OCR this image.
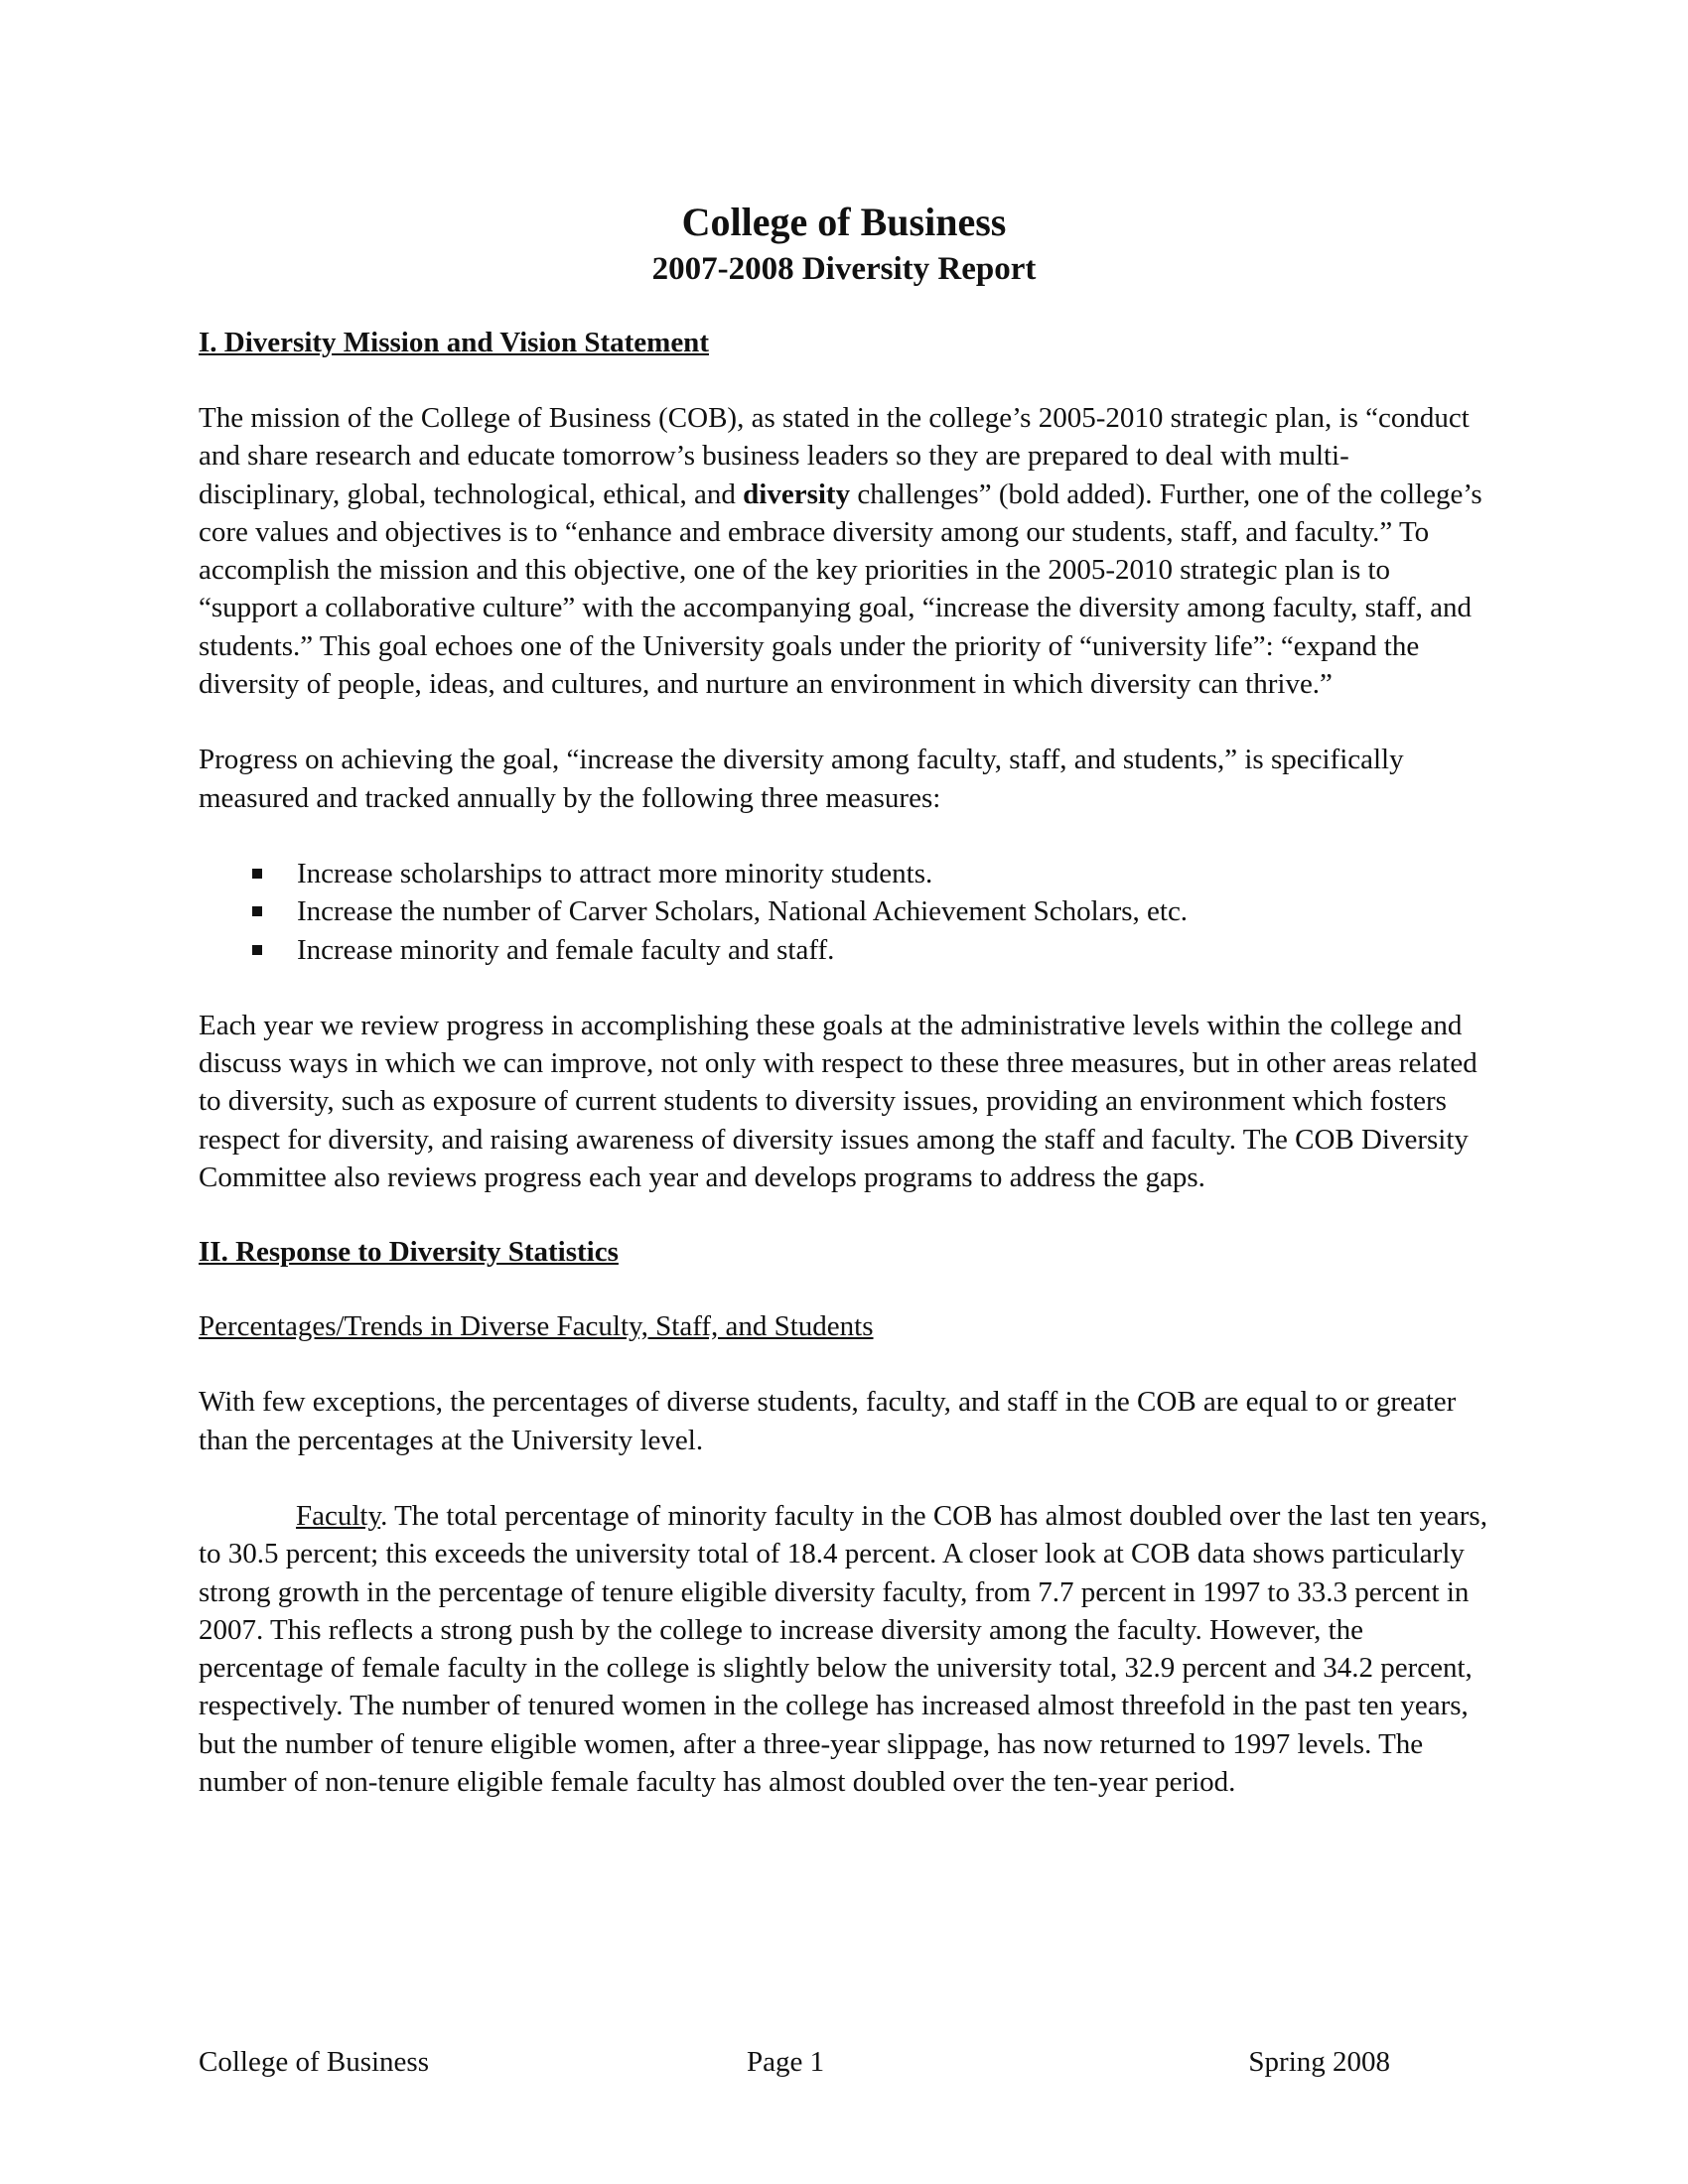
College of Business
2007-2008 Diversity Report
I. Diversity Mission and Vision Statement

The mission of the College of Business (COB), as stated in the college’s 2005-2010 strategic plan, is “conduct and share research and educate tomorrow’s business leaders so they are prepared to deal with multi-disciplinary, global, technological, ethical, and diversity challenges” (bold added). Further, one of the college’s core values and objectives is to “enhance and embrace diversity among our students, staff, and faculty.” To accomplish the mission and this objective, one of the key priorities in the 2005-2010 strategic plan is to “support a collaborative culture” with the accompanying goal, “increase the diversity among faculty, staff, and students.” This goal echoes one of the University goals under the priority of “university life”: “expand the diversity of people, ideas, and cultures, and nurture an environment in which diversity can thrive.”

Progress on achieving the goal, “increase the diversity among faculty, staff, and students,” is specifically measured and tracked annually by the following three measures:

Increase scholarships to attract more minority students.
Increase the number of Carver Scholars, National Achievement Scholars, etc.
Increase minority and female faculty and staff.

Each year we review progress in accomplishing these goals at the administrative levels within the college and discuss ways in which we can improve, not only with respect to these three measures, but in other areas related to diversity, such as exposure of current students to diversity issues, providing an environment which fosters respect for diversity, and raising awareness of diversity issues among the staff and faculty. The COB Diversity Committee also reviews progress each year and develops programs to address the gaps.

II. Response to Diversity Statistics
Percentages/Trends in Diverse Faculty, Staff, and Students

With few exceptions, the percentages of diverse students, faculty, and staff in the COB are equal to or greater than the percentages at the University level.

Faculty. The total percentage of minority faculty in the COB has almost doubled over the last ten years, to 30.5 percent; this exceeds the university total of 18.4 percent. A closer look at COB data shows particularly strong growth in the percentage of tenure eligible diversity faculty, from 7.7 percent in 1997 to 33.3 percent in 2007. This reflects a strong push by the college to increase diversity among the faculty. However, the percentage of female faculty in the college is slightly below the university total, 32.9 percent and 34.2 percent, respectively. The number of tenured women in the college has increased almost threefold in the past ten years, but the number of tenure eligible women, after a three-year slippage, has now returned to 1997 levels. The number of non-tenure eligible female faculty has almost doubled over the ten-year period.

College of Business	Page 1	Spring 2008
